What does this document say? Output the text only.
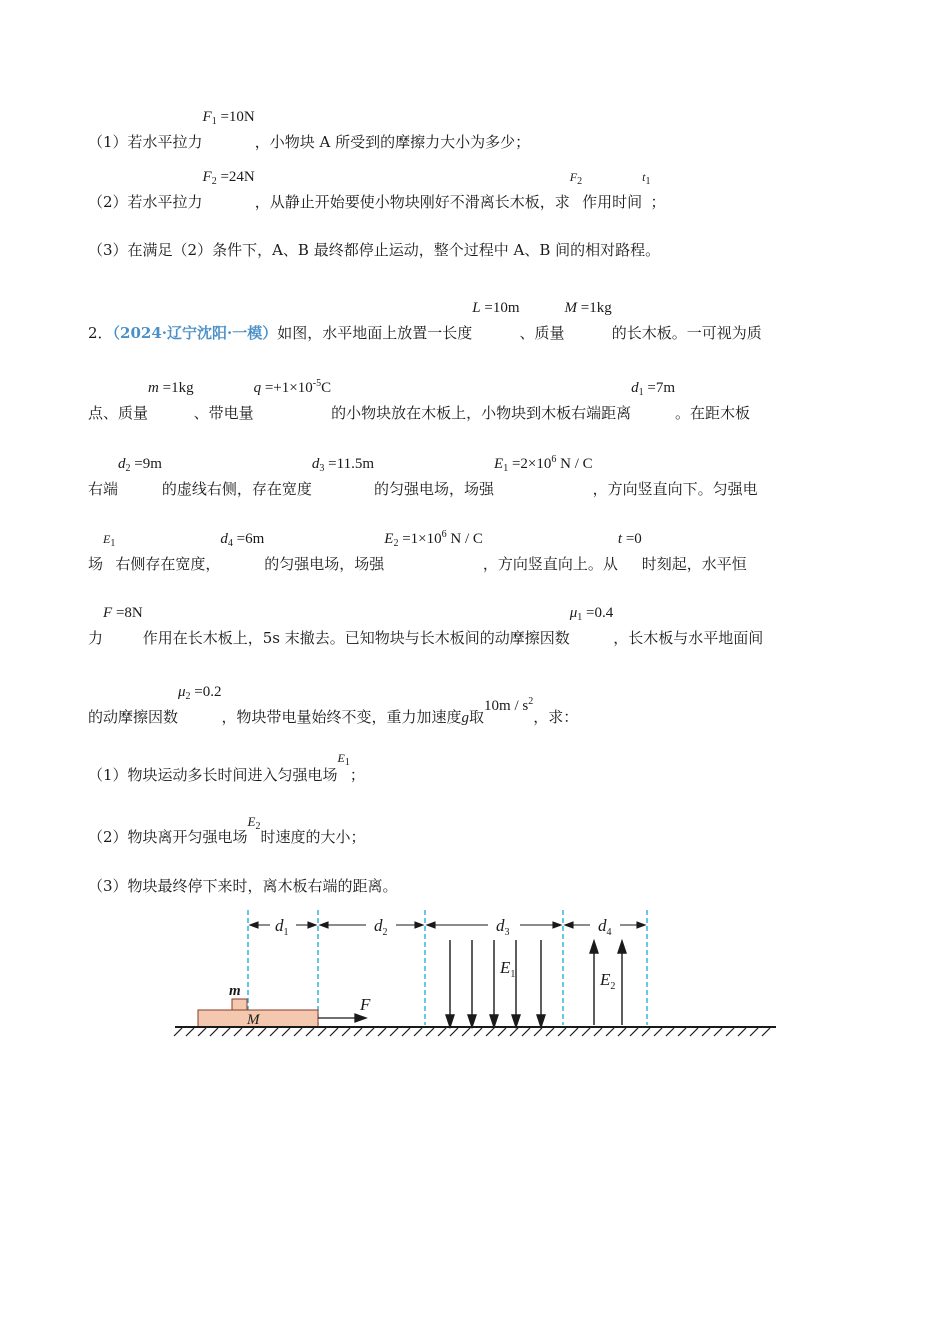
（1）若水平拉力$F_1 =10N$，小物块 A 所受到的摩擦力大小为多少；
（2）若水平拉力$F_2 =24N$，从静止开始要使小物块刚好不滑离长木板，求$F_2$作用时间$t_1$；
（3）在满足（2）条件下，A、B 最终都停止运动，整个过程中 A、B 间的相对路程。
2．（2024·辽宁沈阳·一模）如图，水平地面上放置一长度L =10m、质量M =1kg的长木板。一可视为质
点、质量m =1kg、带电量$q =+1\times 10^{-5}C$的小物块放在木板上，小物块到木板右端距离$d_1 =7m$。在距木板
右端$d_2 =9m$的虚线右侧，存在宽度$d_3 =11.5m$的匀强电场，场强$E_1 =2\times 10^6$ N / C，方向竖直向下。匀强电
场$E_1$右侧存在宽度，$d_4 =6m$的匀强电场，场强$E_2 =1\times 10^6$ N / C，方向竖直向上。从t =0时刻起，水平恒
力F =8N作用在长木板上，5s 末撤去。已知物块与长木板间的动摩擦因数$\mu_1 =0.4$，长木板与水平地面间
的动摩擦因数$\mu_2 =0.2$，物块带电量始终不变，重力加速度g取$10m / s^2$，求：
（1）物块运动多长时间进入匀强电场$E_1$；
（2）物块离开匀强电场$E_2$时速度的大小；
（3）物块最终停下来时，离木板右端的距离。
$d_1$	$d_2$	$d_3$	$d_4$
$E_1$	$E_2$
m
M
F
